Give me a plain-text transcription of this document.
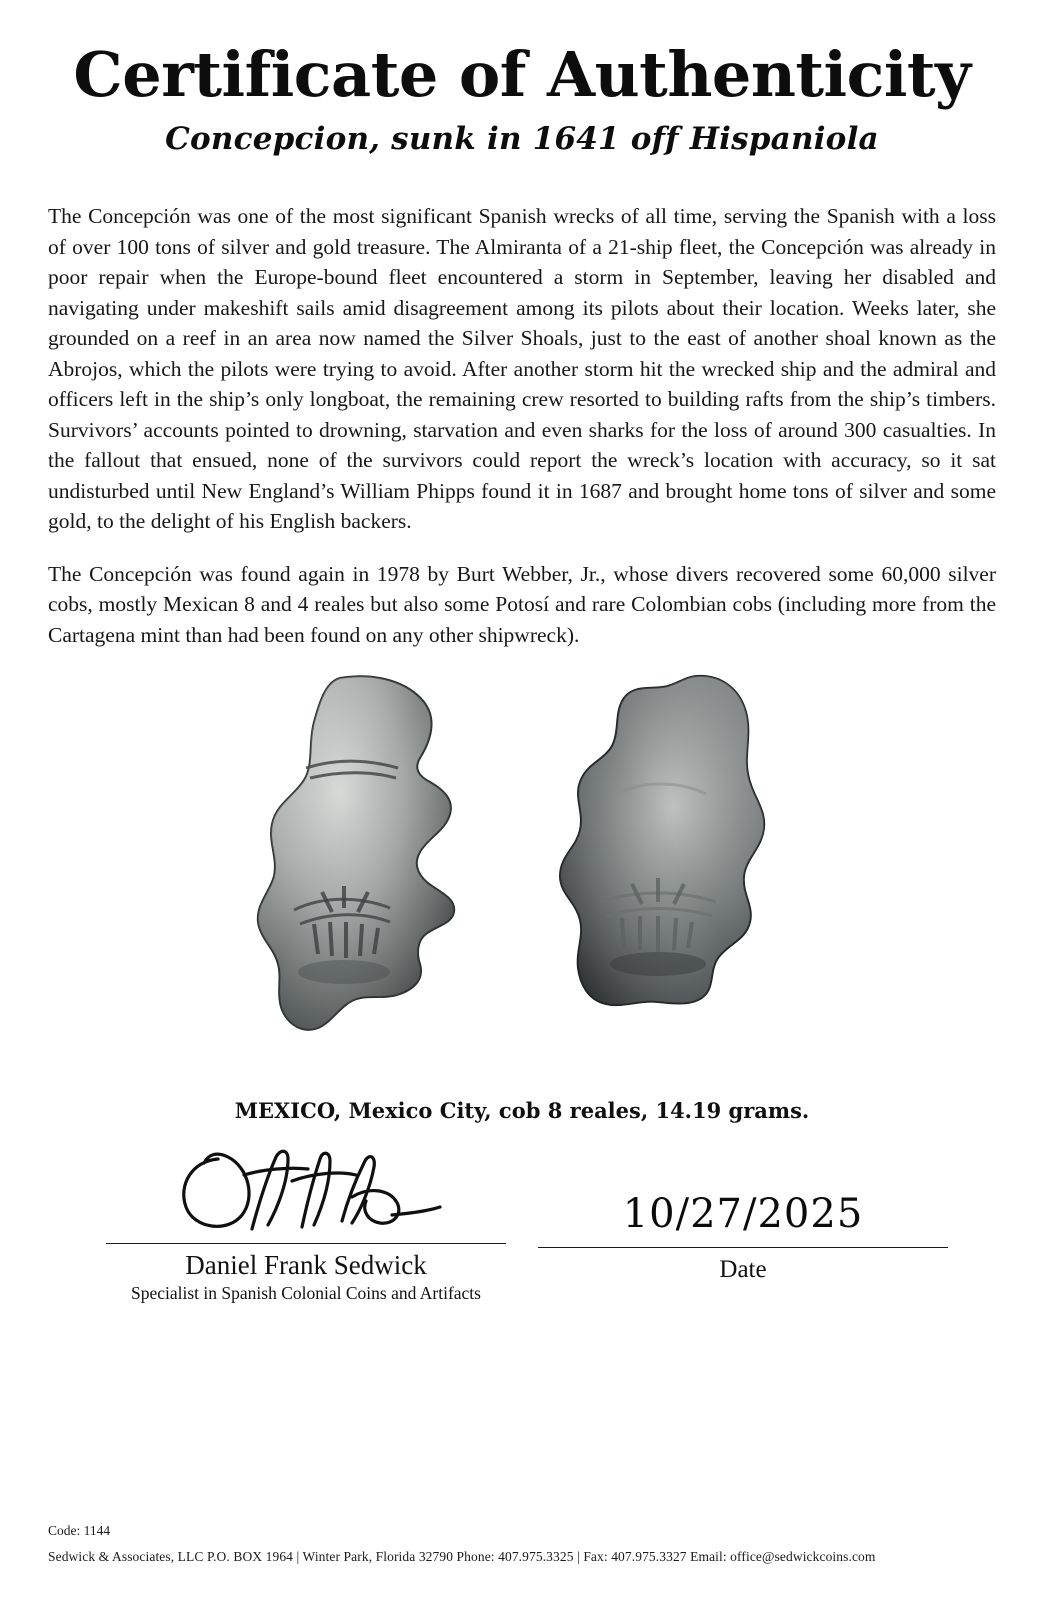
Certificate of Authenticity
Concepcion, sunk in 1641 off Hispaniola

The Concepción was one of the most significant Spanish wrecks of all time, serving the Spanish with a loss of over 100 tons of silver and gold treasure. The Almiranta of a 21-ship fleet, the Concepción was already in poor repair when the Europe-bound fleet encountered a storm in September, leaving her disabled and navigating under makeshift sails amid disagreement among its pilots about their location. Weeks later, she grounded on a reef in an area now named the Silver Shoals, just to the east of another shoal known as the Abrojos, which the pilots were trying to avoid. After another storm hit the wrecked ship and the admiral and officers left in the ship’s only longboat, the remaining crew resorted to building rafts from the ship’s timbers. Survivors’ accounts pointed to drowning, starvation and even sharks for the loss of around 300 casualties. In the fallout that ensued, none of the survivors could report the wreck’s location with accuracy, so it sat undisturbed until New England’s William Phipps found it in 1687 and brought home tons of silver and some gold, to the delight of his English backers.

The Concepción was found again in 1978 by Burt Webber, Jr., whose divers recovered some 60,000 silver cobs, mostly Mexican 8 and 4 reales but also some Potosí and rare Colombian cobs (including more from the Cartagena mint than had been found on any other shipwreck).

MEXICO, Mexico City, cob 8 reales, 14.19 grams.
Daniel Frank Sedwick
Specialist in Spanish Colonial Coins and Artifacts
10/27/2025
Date
Code: 1144
Sedwick & Associates, LLC P.O. BOX 1964 | Winter Park, Florida 32790 Phone: 407.975.3325 | Fax: 407.975.3327 Email: office@sedwickcoins.com
